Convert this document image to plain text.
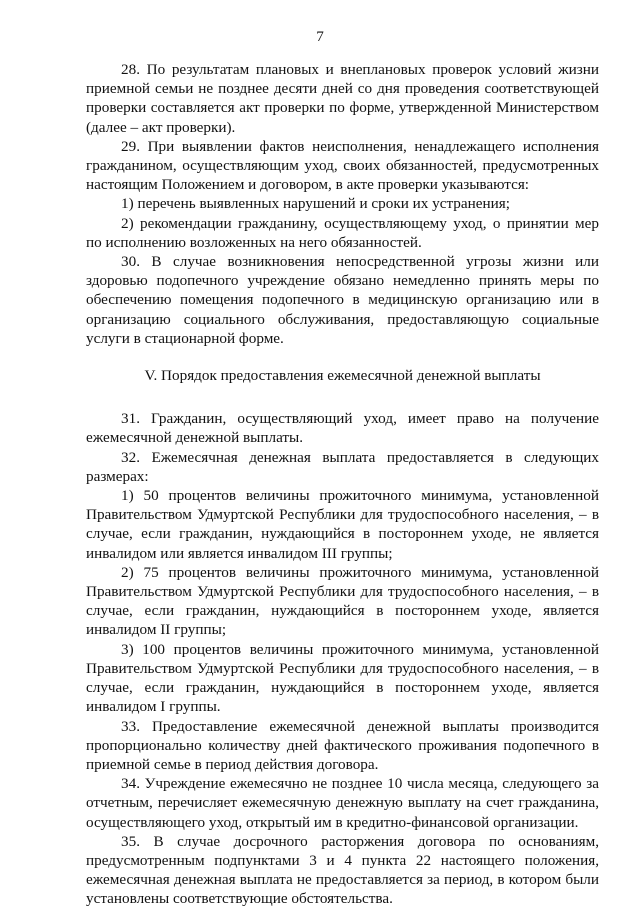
7

28. По результатам плановых и внеплановых проверок условий жизни приемной семьи не позднее десяти дней со дня проведения соответствующей проверки составляется акт проверки по форме, утвержденной Министерством (далее – акт проверки).

29. При выявлении фактов неисполнения, ненадлежащего исполнения гражданином, осуществляющим уход, своих обязанностей, предусмотренных настоящим Положением и договором, в акте проверки указываются:

1) перечень выявленных нарушений и сроки их устранения;

2) рекомендации гражданину, осуществляющему уход, о принятии мер по исполнению возложенных на него обязанностей.

30. В случае возникновения непосредственной угрозы жизни или здоровью подопечного учреждение обязано немедленно принять меры по обеспечению помещения подопечного в медицинскую организацию или в организацию социального обслуживания, предоставляющую социальные услуги в стационарной форме.

V. Порядок предоставления ежемесячной денежной выплаты

31. Гражданин, осуществляющий уход, имеет право на получение ежемесячной денежной выплаты.

32. Ежемесячная денежная выплата предоставляется в следующих размерах:

1) 50 процентов величины прожиточного минимума, установленной Правительством Удмуртской Республики для трудоспособного населения, – в случае, если гражданин, нуждающийся в постороннем уходе, не является инвалидом или является инвалидом III группы;

2) 75 процентов величины прожиточного минимума, установленной Правительством Удмуртской Республики для трудоспособного населения, – в случае, если гражданин, нуждающийся в постороннем уходе, является инвалидом II группы;

3) 100 процентов величины прожиточного минимума, установленной Правительством Удмуртской Республики для трудоспособного населения, – в случае, если гражданин, нуждающийся в постороннем уходе, является инвалидом I группы.

33. Предоставление ежемесячной денежной выплаты производится пропорционально количеству дней фактического проживания подопечного в приемной семье в период действия договора.

34. Учреждение ежемесячно не позднее 10 числа месяца, следующего за отчетным, перечисляет ежемесячную денежную выплату на счет гражданина, осуществляющего уход, открытый им в кредитно-финансовой организации.

35. В случае досрочного расторжения договора по основаниям, предусмотренным подпунктами 3 и 4 пункта 22 настоящего положения, ежемесячная денежная выплата не предоставляется за период, в котором были установлены соответствующие обстоятельства.
